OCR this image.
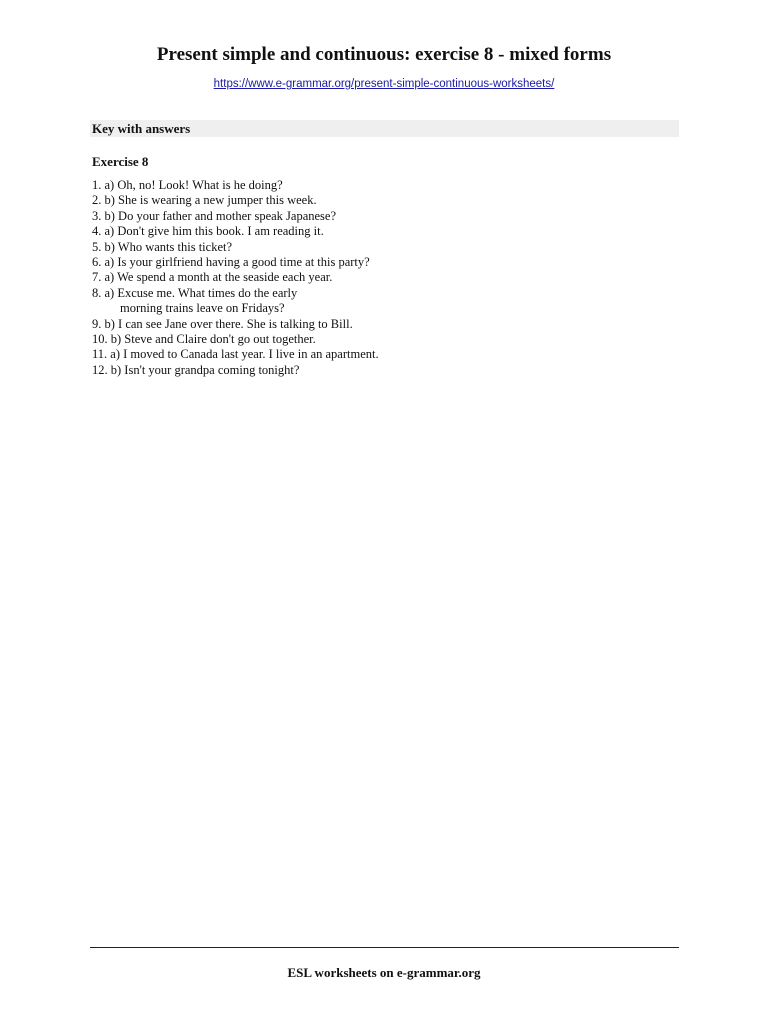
Present simple and continuous: exercise 8 - mixed forms
https://www.e-grammar.org/present-simple-continuous-worksheets/
Key with answers
Exercise 8
1. a) Oh, no! Look! What is he doing?
2. b) She is wearing a new jumper this week.
3. b) Do your father and mother speak Japanese?
4. a) Don't give him this book. I am reading it.
5. b) Who wants this ticket?
6. a) Is your girlfriend having a good time at this party?
7. a) We spend a month at the seaside each year.
8. a) Excuse me. What times do the early
morning trains leave on Fridays?
9. b) I can see Jane over there. She is talking to Bill.
10. b) Steve and Claire don't go out together.
11. a) I moved to Canada last year. I live in an apartment.
12. b) Isn't your grandpa coming tonight?
ESL worksheets on e-grammar.org
